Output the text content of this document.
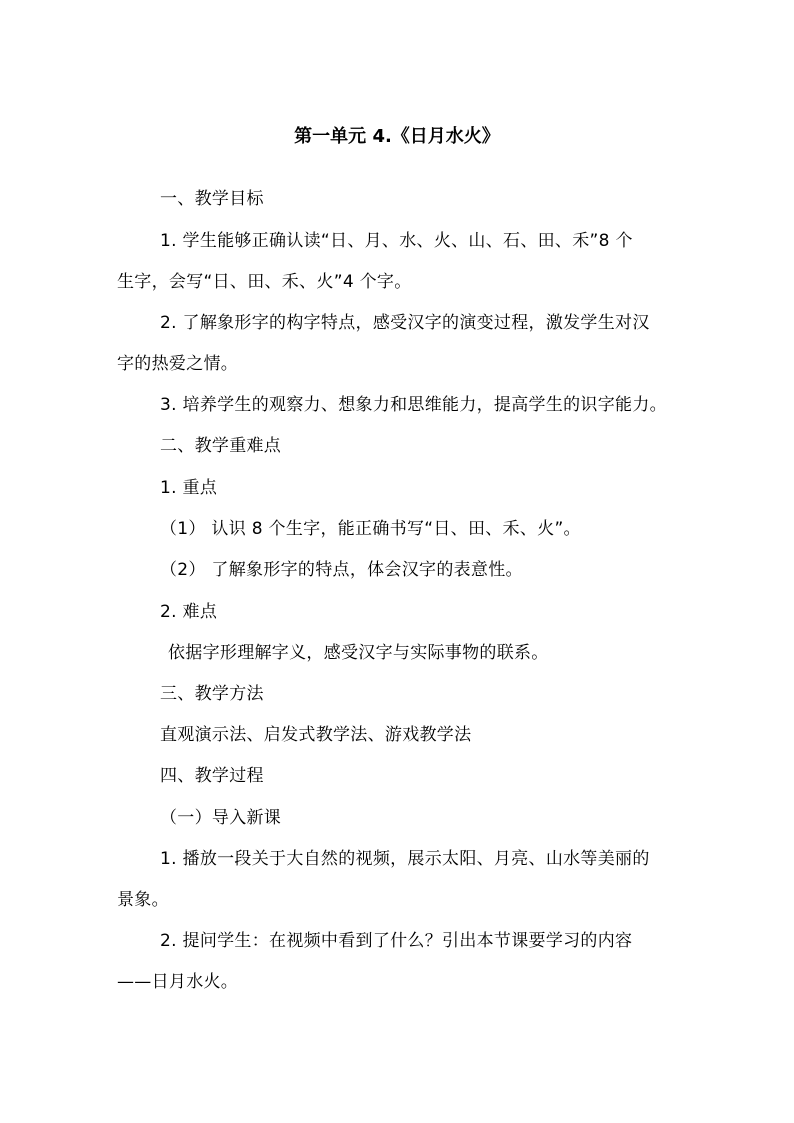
第一单元 4.《日月水火》
一、教学目标
1. 学生能够正确认读“日、月、水、火、山、石、田、禾”8 个
生字，会写“日、田、禾、火”4 个字。
2. 了解象形字的构字特点，感受汉字的演变过程，激发学生对汉
字的热爱之情。
3. 培养学生的观察力、想象力和思维能力，提高学生的识字能力。
二、教学重难点
1. 重点
（1） 认识 8 个生字，能正确书写“日、田、禾、火”。
（2） 了解象形字的特点，体会汉字的表意性。
2. 难点
依据字形理解字义，感受汉字与实际事物的联系。
三、教学方法
直观演示法、启发式教学法、游戏教学法
四、教学过程
（一）导入新课
1. 播放一段关于大自然的视频，展示太阳、月亮、山水等美丽的
景象。
2. 提问学生：在视频中看到了什么？引出本节课要学习的内容
——日月水火。
